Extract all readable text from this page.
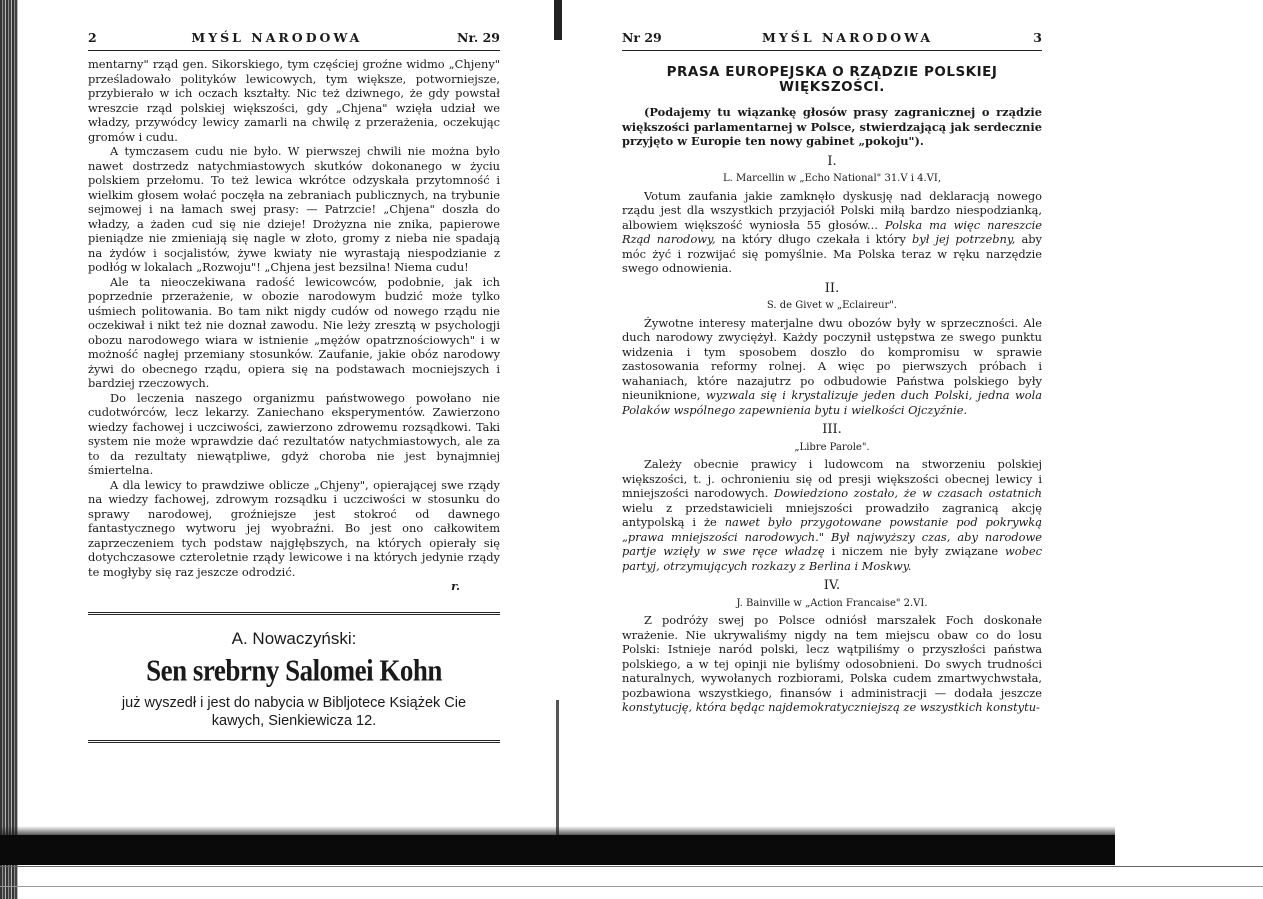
2	MYŚL NARODOWA	Nr. 29

mentarny" rząd gen. Sikorskiego, tym częściej groźne widmo „Chjeny" prześladowało polityków lewicowych, tym większe, potworniejsze, przybierało w ich oczach kształty. Nic też dziwnego, że gdy powstał wreszcie rząd polskiej większości, gdy „Chjena" wzięła udział we władzy, przywódcy lewicy zamarli na chwilę z przerażenia, oczekując gromów i cudu.

A tymczasem cudu nie było. W pierwszej chwili nie można było nawet dostrzedz natychmiastowych skutków dokonanego w życiu polskiem przełomu. To też lewica wkrótce odzyskała przytomność i wielkim głosem wołać poczęła na zebraniach publicznych, na trybunie sejmowej i na łamach swej prasy: — Patrzcie! „Chjena" doszła do władzy, a żaden cud się nie dzieje! Drożyzna nie znika, papierowe pieniądze nie zmieniają się nagle w złoto, gromy z nieba nie spadają na żydów i socjalistów, żywe kwiaty nie wyrastają niespodzianie z podłóg w lokalach „Rozwoju"! „Chjena jest bezsilna! Niema cudu!

Ale ta nieoczekiwana radość lewicowców, podobnie, jak ich poprzednie przerażenie, w obozie narodowym budzić może tylko uśmiech politowania. Bo tam nikt nigdy cudów od nowego rządu nie oczekiwał i nikt też nie doznał zawodu. Nie leży zresztą w psychologji obozu narodowego wiara w istnienie „mężów opatrznościowych" i w możność nagłej przemiany stosunków. Zaufanie, jakie obóz narodowy żywi do obecnego rządu, opiera się na podstawach mocniejszych i bardziej rzeczowych.

Do leczenia naszego organizmu państwowego powołano nie cudotwórców, lecz lekarzy. Zaniechano eksperymentów. Zawierzono wiedzy fachowej i uczciwości, zawierzono zdrowemu rozsądkowi. Taki system nie może wprawdzie dać rezultatów natychmiastowych, ale za to da rezultaty niewątpliwe, gdyż choroba nie jest bynajmniej śmiertelna.

A dla lewicy to prawdziwe oblicze „Chjeny", opierającej swe rządy na wiedzy fachowej, zdrowym rozsądku i uczciwości w stosunku do sprawy narodowej, groźniejsze jest stokroć od dawnego fantastycznego wytworu jej wyobraźni. Bo jest ono całkowitem zaprzeczeniem tych podstaw najgłębszych, na których opierały się dotychczasowe czteroletnie rządy lewicowe i na których jedynie rządy te mogłyby się raz jeszcze odrodzić.

r.
A. Nowaczyński:
Sen srebrny Salomei Kohn
już wyszedł i jest do nabycia w Bibljotece Książek Cie
kawych, Sienkiewicza 12.
Nr 29	MYŚL NARODOWA	3
PRASA EUROPEJSKA O RZĄDZIE POLSKIEJ WIĘKSZOŚCI.

(Podajemy tu wiązankę głosów prasy zagranicznej o rządzie większości parlamentarnej w Polsce, stwierdzającą jak serdecznie przyjęto w Europie ten nowy gabinet „pokoju").

I.
L. Marcellin w „Echo National" 31.V i 4.VI,

Votum zaufania jakie zamknęło dyskusję nad deklaracją nowego rządu jest dla wszystkich przyjaciół Polski miłą bardzo niespodzianką, albowiem większość wyniosła 55 głosów... Polska ma więc nareszcie Rząd narodowy, na który długo czekała i który był jej potrzebny, aby móc żyć i rozwijać się pomyślnie. Ma Polska teraz w ręku narzędzie swego odnowienia.

II.
S. de Givet w „Eclaireur".

Żywotne interesy materjalne dwu obozów były w sprzeczności. Ale duch narodowy zwyciężył. Każdy poczynił ustępstwa ze swego punktu widzenia i tym sposobem doszło do kompromisu w sprawie zastosowania reformy rolnej. A więc po pierwszych próbach i wahaniach, które nazajutrz po odbudowie Państwa polskiego były nieuniknione, wyzwala się i krystalizuje jeden duch Polski, jedna wola Polaków wspólnego zapewnienia bytu i wielkości Ojczyźnie.

III.
„Libre Parole".

Zależy obecnie prawicy i ludowcom na stworzeniu polskiej większości, t. j. ochronieniu się od presji większości obecnej lewicy i mniejszości narodowych. Dowiedziono zostało, że w czasach ostatnich wielu z przedstawicieli mniejszości prowadziło zagranicą akcję antypolską i że nawet było przygotowane powstanie pod pokrywką „prawa mniejszości narodowych." Był najwyższy czas, aby narodowe partje wzięły w swe ręce władzę i niczem nie były związane wobec partyj, otrzymujących rozkazy z Berlina i Moskwy.

IV.
J. Bainville w „Action Francaise" 2.VI.

Z podróży swej po Polsce odniósł marszałek Foch doskonałe wrażenie. Nie ukrywaliśmy nigdy na tem miejscu obaw co do losu Polski: Istnieje naród polski, lecz wątpiliśmy o przyszłości państwa polskiego, a w tej opinji nie byliśmy odosobnieni. Do swych trudności naturalnych, wywołanych rozbiorami, Polska cudem zmartwychwstała, pozbawiona wszystkiego, finansów i administracji — dodała jeszcze konstytucję, która będąc najdemokratyczniejszą ze wszystkich konstytu-
